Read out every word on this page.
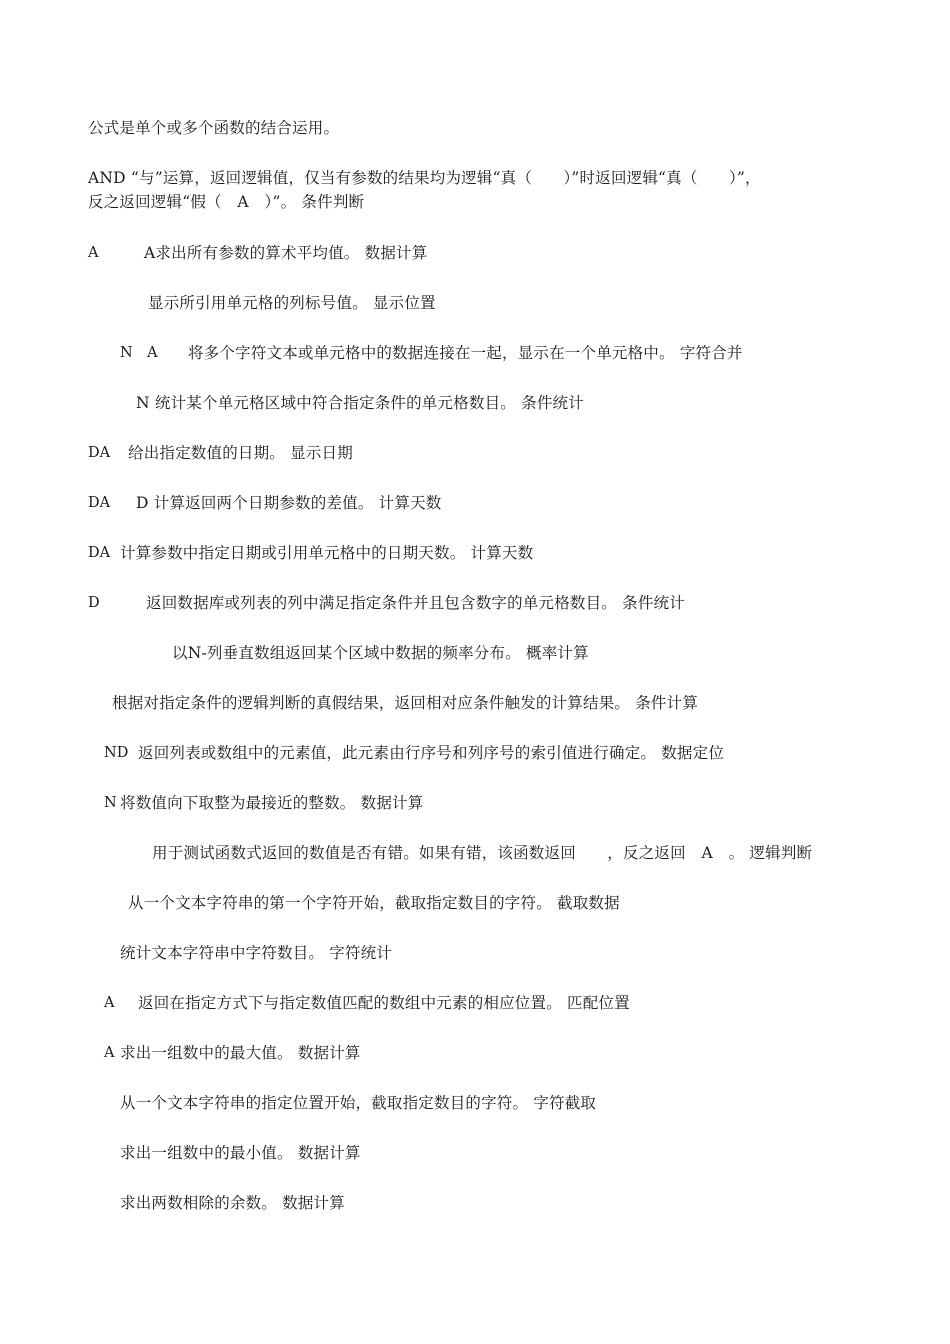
公式是单个或多个函数的结合运用。
AND “与”运算，返回逻辑值，仅当有参数的结果均为逻辑“真（　　）”时返回逻辑“真（　　）”，
反之返回逻辑“假（　A　）”。 条件判断
A	A求出所有参数的算术平均值。 数据计算
显示所引用单元格的列标号值。 显示位置
N　A 将多个字符文本或单元格中的数据连接在一起，显示在一个单元格中。 字符合并
N 统计某个单元格区域中符合指定条件的单元格数目。 条件统计
DA 给出指定数值的日期。 显示日期
DA D 计算返回两个日期参数的差值。 计算天数
DA 计算参数中指定日期或引用单元格中的日期天数。 计算天数
D	返回数据库或列表的列中满足指定条件并且包含数字的单元格数目。 条件统计
以N-列垂直数组返回某个区域中数据的频率分布。 概率计算
根据对指定条件的逻辑判断的真假结果，返回相对应条件触发的计算结果。 条件计算
ND 返回列表或数组中的元素值，此元素由行序号和列序号的索引值进行确定。 数据定位
N 将数值向下取整为最接近的整数。 数据计算
用于测试函数式返回的数值是否有错。如果有错，该函数返回　　，反之返回　A　。 逻辑判断
从一个文本字符串的第一个字符开始，截取指定数目的字符。 截取数据
统计文本字符串中字符数目。 字符统计
A 返回在指定方式下与指定数值匹配的数组中元素的相应位置。 匹配位置
A 求出一组数中的最大值。 数据计算
从一个文本字符串的指定位置开始，截取指定数目的字符。 字符截取
求出一组数中的最小值。 数据计算
求出两数相除的余数。 数据计算
